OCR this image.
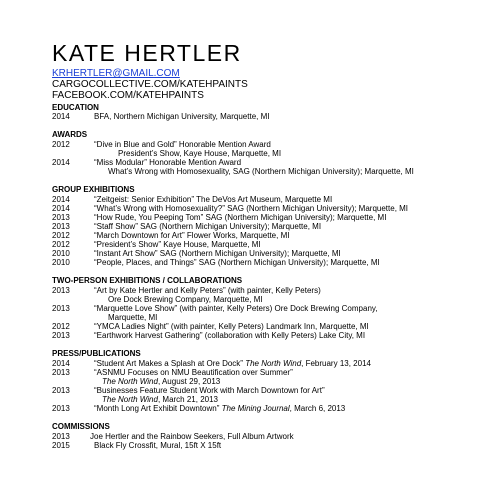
KATE HERTLER
KRHERTLER@GMAIL.COM
CARGOCOLLECTIVE.COM/KATEHPAINTS
FACEBOOK.COM/KATEHPAINTS
EDUCATION
2014	BFA, Northern Michigan University, Marquette, MI
AWARDS
2012	“Dive in Blue and Gold” Honorable Mention Award
President’s Show, Kaye House, Marquette, MI
2014	“Miss Modular” Honorable Mention Award
What’s Wrong with Homosexuality, SAG (Northern Michigan University); Marquette, MI
GROUP EXHIBITIONS
2014	“Zeitgeist: Senior Exhibition” The DeVos Art Museum, Marquette MI
2014	“What’s Wrong with Homosexuality?” SAG (Northern Michigan University); Marquette, MI
2013	“How Rude, You Peeping Tom” SAG (Northern Michigan University); Marquette, MI
2013	“Staff Show” SAG (Northern Michigan University); Marquette, MI
2012	“March Downtown for Art” Flower Works, Marquette, MI
2012	“President’s Show” Kaye House, Marquette, MI
2010	“Instant Art Show” SAG (Northern Michigan University); Marquette, MI
2010	“People, Places, and Things” SAG (Northern Michigan University); Marquette, MI
TWO-PERSON EXHIBITIONS / COLLABORATIONS
2013	“Art by Kate Hertler and Kelly Peters” (with painter, Kelly Peters)
Ore Dock Brewing Company, Marquette, MI
2013	“Marquette Love Show” (with painter, Kelly Peters) Ore Dock Brewing Company,
Marquette, MI
2012	“YMCA Ladies Night” (with painter, Kelly Peters) Landmark Inn, Marquette, MI
2013	“Earthwork Harvest Gathering” (collaboration with Kelly Peters) Lake City, MI
PRESS/PUBLICATIONS
2014	“Student Art Makes a Splash at Ore Dock” The North Wind, February 13, 2014
2013	“ASNMU Focuses on NMU Beautification over Summer”
The North Wind, August 29, 2013
2013	“Businesses Feature Student Work with March Downtown for Art”
The North Wind, March 21, 2013
2013	“Month Long Art Exhibit Downtown” The Mining Journal, March 6, 2013
COMMISSIONS
2013	Joe Hertler and the Rainbow Seekers, Full Album Artwork
2015	Black Fly Crossfit, Mural, 15ft X 15ft
